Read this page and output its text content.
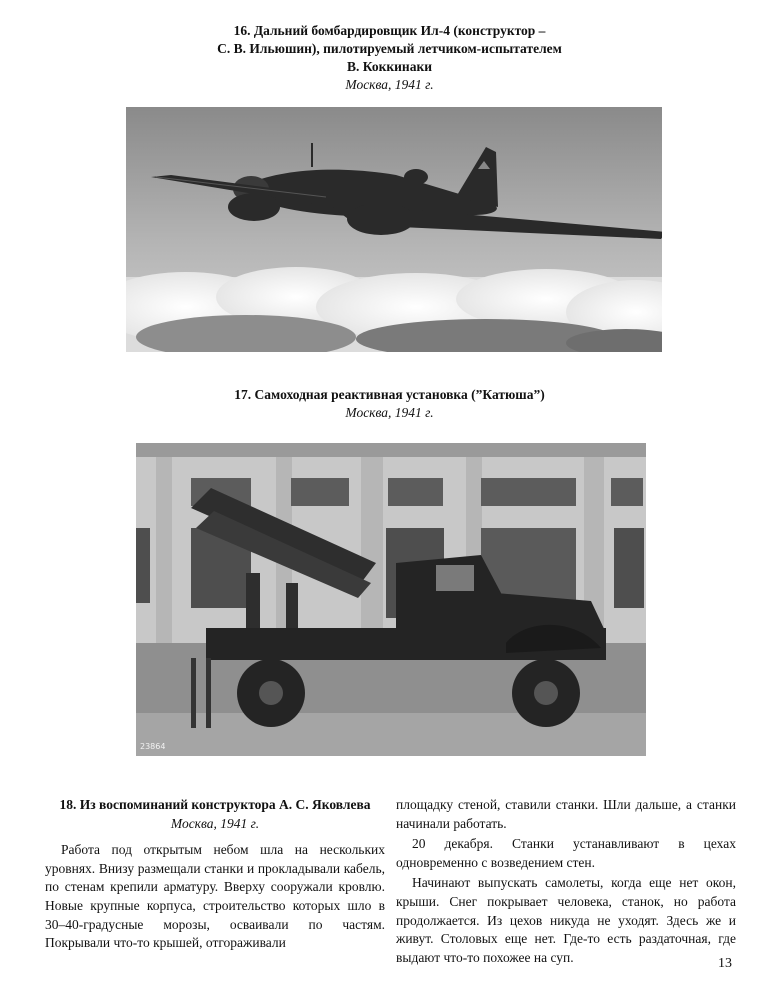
16. Дальний бомбардировщик Ил-4 (конструктор –
С. В. Ильюшин), пилотируемый летчиком-испытателем
В. Коккинаки
Москва, 1941 г.
17. Самоходная реактивная установка (”Катюша”)
Москва, 1941 г.
23864
18. Из воспоминаний конструктора А. С. Яковлева
Москва, 1941 г.

Работа под открытым небом шла на нескольких уровнях. Внизу размещали станки и прокладывали кабель, по стенам крепили арматуру. Вверху сооружали кровлю. Новые крупные корпуса, строительство которых шло в 30–40-градусные морозы, осваивали по частям. Покрывали что-то крышей, отгораживали

площадку стеной, ставили станки. Шли дальше, а станки начинали работать.

20 декабря. Станки устанавливают в цехах одновременно с возведением стен.

Начинают выпускать самолеты, когда еще нет окон, крыши. Снег покрывает человека, станок, но работа продолжается. Из цехов никуда не уходят. Здесь же и живут. Столовых еще нет. Где-то есть раздаточная, где выдают что-то похожее на суп.	13
